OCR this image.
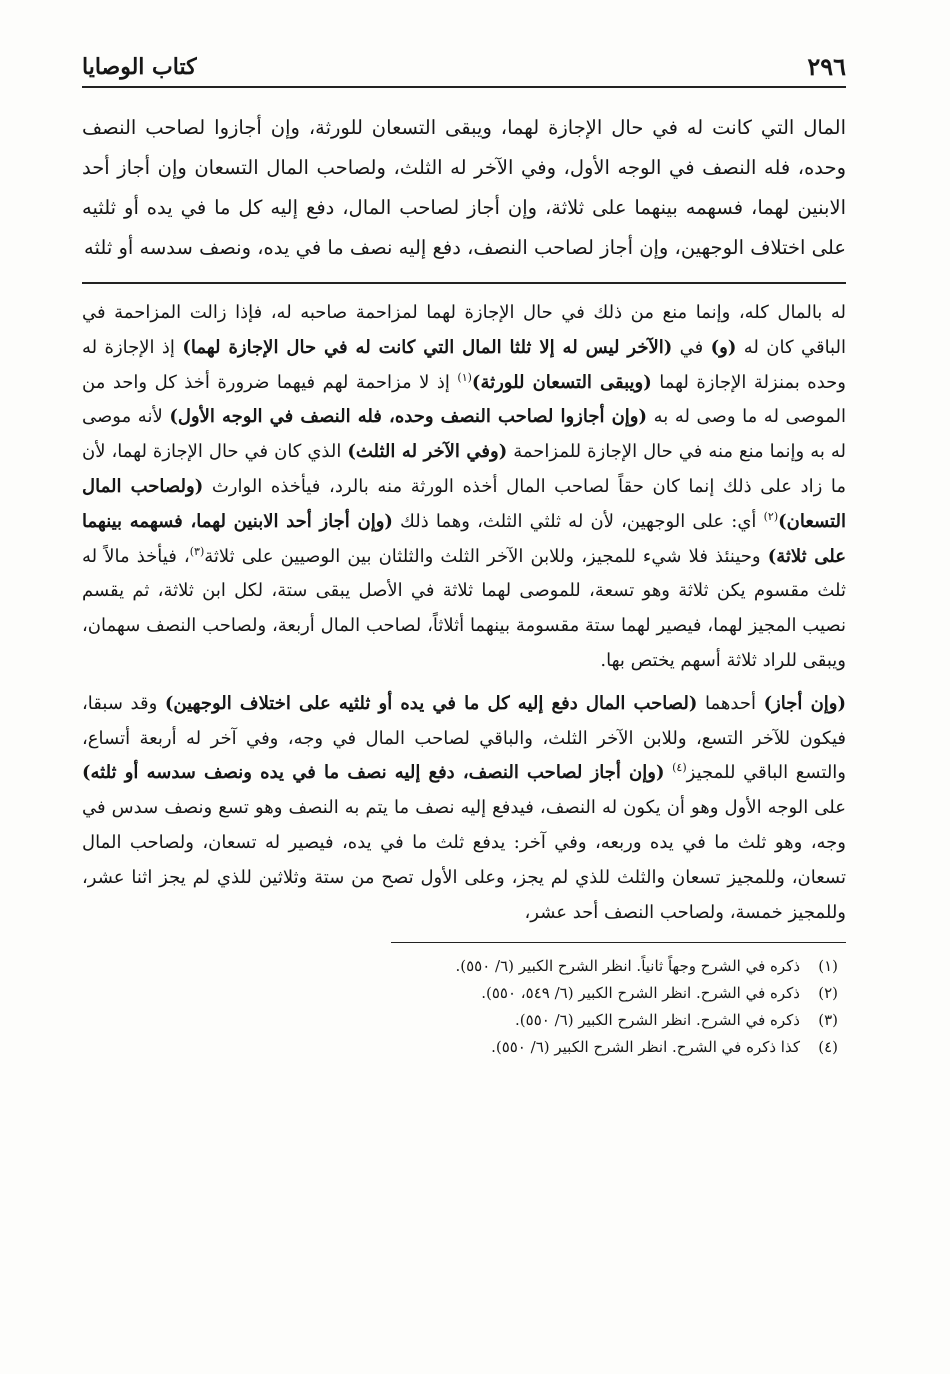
٢٩٦
كتاب الوصايا

المال التي كانت له في حال الإجازة لهما، ويبقى التسعان للورثة، وإن أجازوا لصاحب النصف وحده، فله النصف في الوجه الأول، وفي الآخر له الثلث، ولصاحب المال التسعان وإن أجاز أحد الابنين لهما، فسهمه بينهما على ثلاثة، وإن أجاز لصاحب المال، دفع إليه كل ما في يده أو ثلثيه على اختلاف الوجهين، وإن أجاز لصاحب النصف، دفع إليه نصف ما في يده، ونصف سدسه أو ثلثه

له بالمال كله، وإنما منع من ذلك في حال الإجازة لهما لمزاحمة صاحبه له، فإذا زالت المزاحمة في الباقي كان له (و) في (الآخر ليس له إلا ثلثا المال التي كانت له في حال الإجازة لهما) إذ الإجازة له وحده بمنزلة الإجازة لهما (ويبقى التسعان للورثة)$^{(١)}$ إذ لا مزاحمة لهم فيهما ضرورة أخذ كل واحد من الموصى له ما وصى له به (وإن أجازوا لصاحب النصف وحده، فله النصف في الوجه الأول) لأنه موصى له به وإنما منع منه في حال الإجازة للمزاحمة (وفي الآخر له الثلث) الذي كان في حال الإجازة لهما، لأن ما زاد على ذلك إنما كان حقاً لصاحب المال أخذه الورثة منه بالرد، فيأخذه الوارث (ولصاحب المال التسعان)$^{(٢)}$ أي: على الوجهين، لأن له ثلثي الثلث، وهما ذلك (وإن أجاز أحد الابنين لهما، فسهمه بينهما على ثلاثة) وحينئذ فلا شيء للمجيز، وللابن الآخر الثلث والثلثان بين الوصيين على ثلاثة$^{(٣)}$، فيأخذ مالاً له ثلث مقسوم يكن ثلاثة وهو تسعة، للموصى لهما ثلاثة في الأصل يبقى ستة، لكل ابن ثلاثة، ثم يقسم نصيب المجيز لهما، فيصير لهما ستة مقسومة بينهما أثلاثاً، لصاحب المال أربعة، ولصاحب النصف سهمان، ويبقى للراد ثلاثة أسهم يختص بها.

(وإن أجاز) أحدهما (لصاحب المال دفع إليه كل ما في يده أو ثلثيه على اختلاف الوجهين) وقد سبقا، فيكون للآخر التسع، وللابن الآخر الثلث، والباقي لصاحب المال في وجه، وفي آخر له أربعة أتساع، والتسع الباقي للمجيز$^{(٤)}$ (وإن أجاز لصاحب النصف، دفع إليه نصف ما في يده ونصف سدسه أو ثلثه) على الوجه الأول وهو أن يكون له النصف، فيدفع إليه نصف ما يتم به النصف وهو تسع ونصف سدس في وجه، وهو ثلث ما في يده وربعه، وفي آخر: يدفع ثلث ما في يده، فيصير له تسعان، ولصاحب المال تسعان، وللمجيز تسعان والثلث للذي لم يجز، وعلى الأول تصح من ستة وثلاثين للذي لم يجز اثنا عشر، وللمجيز خمسة، ولصاحب النصف أحد عشر،

(١)ذكره في الشرح وجهاً ثانياً. انظر الشرح الكبير (٦/ ٥٥٠).
(٢)ذكره في الشرح. انظر الشرح الكبير (٦/ ٥٤٩، ٥٥٠).
(٣)ذكره في الشرح. انظر الشرح الكبير (٦/ ٥٥٠).
(٤)كذا ذكره في الشرح. انظر الشرح الكبير (٦/ ٥٥٠).
